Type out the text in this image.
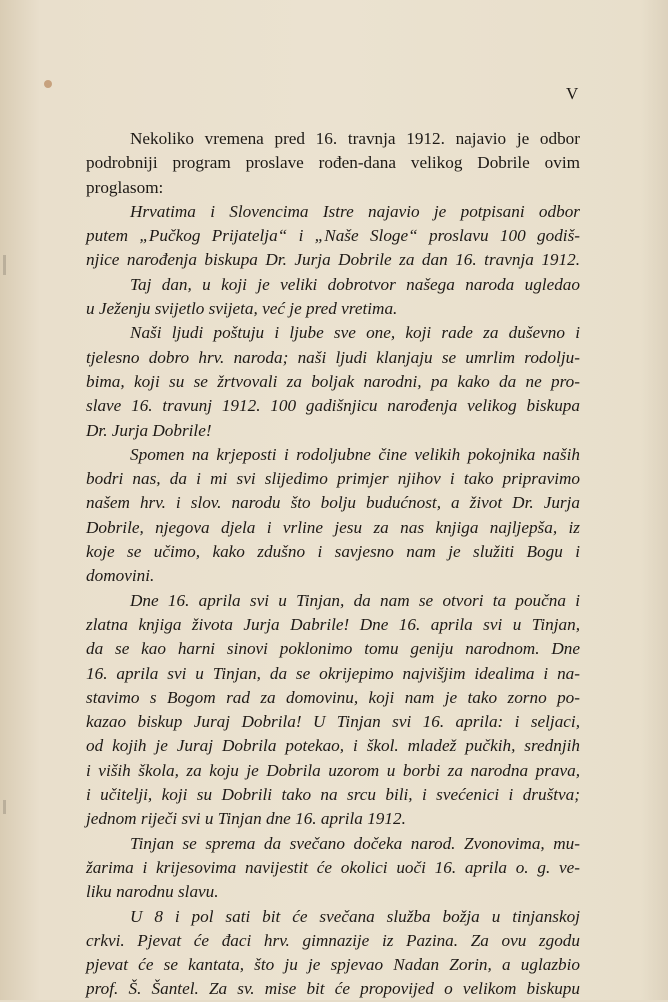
V
Nekoliko vremena pred 16. travnja 1912. najavio je odbor
podrobniji program proslave rođen-dana velikog Dobrile ovim
proglasom:
Hrvatima i Slovencima Istre najavio je potpisani odbor
putem „Pučkog Prijatelja“ i „Naše Sloge“ proslavu 100 godiš-
njice narođenja biskupa Dr. Jurja Dobrile za dan 16. travnja 1912.
Taj dan, u koji je veliki dobrotvor našega naroda ugledao
u Ježenju svijetlo svijeta, već je pred vretima.
Naši ljudi poštuju i ljube sve one, koji rade za duševno i
tjelesno dobro hrv. naroda; naši ljudi klanjaju se umrlim rodolju-
bima, koji su se žrtvovali za boljak narodni, pa kako da ne pro-
slave 16. travunj 1912. 100 gadišnjicu narođenja velikog biskupa
Dr. Jurja Dobrile!
Spomen na krjeposti i rodoljubne čine velikih pokojnika naših
bodri nas, da i mi svi slijedimo primjer njihov i tako pripravimo
našem hrv. i slov. narodu što bolju budućnost, a život Dr. Jurja
Dobrile, njegova djela i vrline jesu za nas knjiga najljepša, iz
koje se učimo, kako zdušno i savjesno nam je služiti Bogu i
domovini.
Dne 16. aprila svi u Tinjan, da nam se otvori ta poučna i
zlatna knjiga života Jurja Dabrile! Dne 16. aprila svi u Tinjan,
da se kao harni sinovi poklonimo tomu geniju narodnom. Dne
16. aprila svi u Tinjan, da se okrijepimo najvišjim idealima i na-
stavimo s Bogom rad za domovinu, koji nam je tako zorno po-
kazao biskup Juraj Dobrila! U Tinjan svi 16. aprila: i seljaci,
od kojih je Juraj Dobrila potekao, i škol. mladež pučkih, srednjih
i viših škola, za koju je Dobrila uzorom u borbi za narodna prava,
i učitelji, koji su Dobrili tako na srcu bili, i svećenici i društva;
jednom riječi svi u Tinjan dne 16. aprila 1912.
Tinjan se sprema da svečano dočeka narod. Zvonovima, mu-
žarima i krijesovima navijestit će okolici uoči 16. aprila o. g. ve-
liku narodnu slavu.
U 8 i pol sati bit će svečana služba božja u tinjanskoj
crkvi. Pjevat će đaci hrv. gimnazije iz Pazina. Za ovu zgodu
pjevat će se kantata, što ju je spjevao Nadan Zorin, a uglazbio
prof. Š. Šantel. Za sv. mise bit će propovijed o velikom biskupu
